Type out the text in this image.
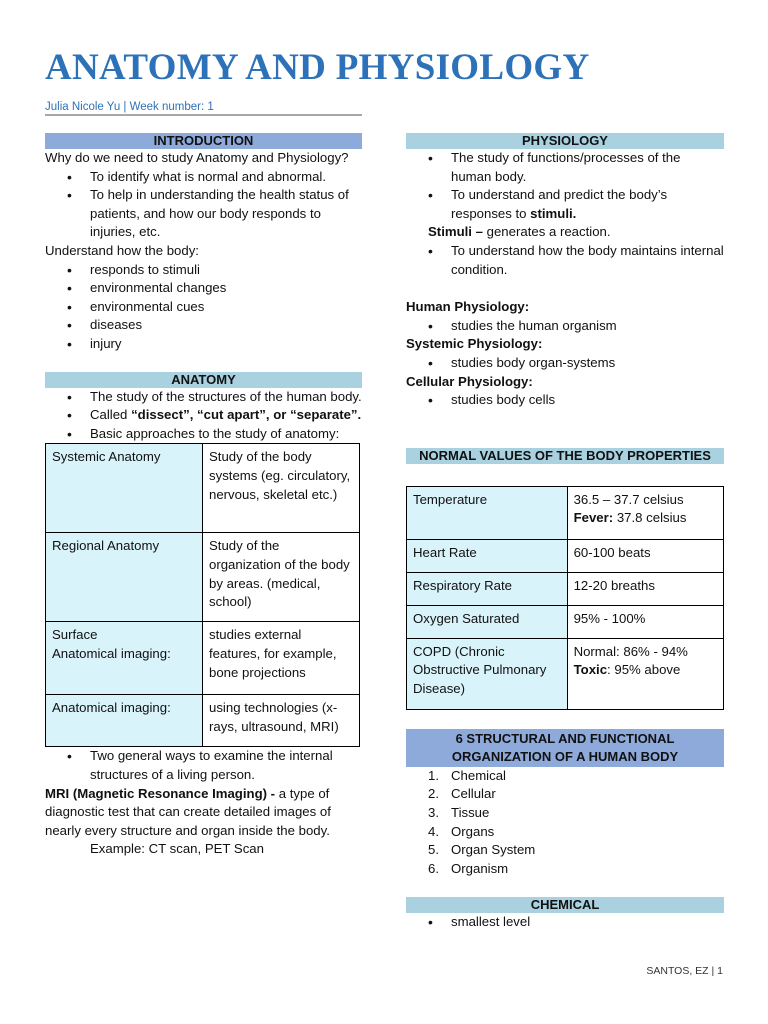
ANATOMY AND PHYSIOLOGY
Julia Nicole Yu | Week number: 1
INTRODUCTION

Why do we need to study Anatomy and Physiology?

• To identify what is normal and abnormal.
• To help in understanding the health status of patients, and how our body responds to injuries, etc.

Understand how the body:

• responds to stimuli
• environmental changes
• environmental cues
• diseases
• injury
ANATOMY
• The study of the structures of the human body.
• Called “dissect”, “cut apart”, or “separate”.
• Basic approaches to the study of anatomy:
Systemic Anatomy	Study of the body systems (eg. circulatory, nervous, skeletal etc.)
Regional Anatomy	Study of the organization of the body by areas. (medical, school)
Surface
Anatomical imaging:	studies external features, for example, bone projections
Anatomical imaging:	using technologies (x-rays, ultrasound, MRI)
• Two general ways to examine the internal structures of a living person.

MRI (Magnetic Resonance Imaging) - a type of diagnostic test that can create detailed images of nearly every structure and organ inside the body.

Example: CT scan, PET Scan

PHYSIOLOGY
• The study of functions/processes of the human body.
• To understand and predict the body’s responses to stimuli.

Stimuli – generates a reaction.

• To understand how the body maintains internal condition.

Human Physiology:

• studies the human organism

Systemic Physiology:

• studies body organ-systems

Cellular Physiology:

• studies body cells
NORMAL VALUES OF THE BODY PROPERTIES
Temperature	36.5 – 37.7 celsius
Fever: 37.8 celsius

Heart Rate	60-100 beats
Respiratory Rate	12-20 breaths
Oxygen Saturated	95% - 100%
COPD (Chronic Obstructive Pulmonary Disease)	Normal: 86% - 94%
Toxic: 95% above
6 STRUCTURAL AND FUNCTIONAL ORGANIZATION OF A HUMAN BODY
1. Chemical
2. Cellular
3. Tissue
4. Organs
5. Organ System
6. Organism
CHEMICAL
• smallest level
SANTOS, EZ | 1
